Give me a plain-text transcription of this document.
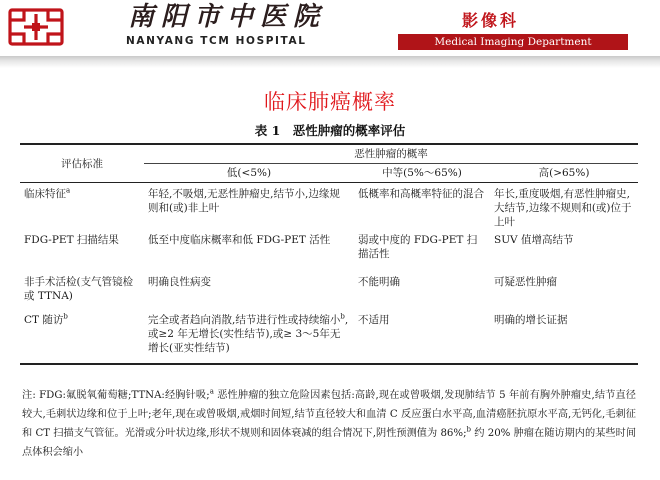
南阳市中医院
NANYANG TCM HOSPITAL
影像科
Medical Imaging Department
临床肺癌概率
表 1　恶性肿瘤的概率评估
评估标准	恶性肿瘤的概率		
	低(<5%)	中等(5%～65%)	高(>65%)
临床特征$^a$	年轻,不吸烟,无恶性肿瘤史,结节小,边缘规则和(或)非上叶	低概率和高概率特征的混合	年长,重度吸烟,有恶性肿瘤史,大结节,边缘不规则和(或)位于上叶
FDG-PET 扫描结果	低至中度临床概率和低 FDG-PET 活性	弱或中度的 FDG-PET 扫描活性	SUV 值增高结节
非手术活检(支气管镜检或 TTNA)	明确良性病变	不能明确	可疑恶性肿瘤
CT 随访$^b$	完全或者趋向消散,结节进行性或持续缩小$^b$,或≥2 年无增长(实性结节),或≥ 3～5年无增长(亚实性结节)	不适用	明确的增长证据
注: FDG:氟脱氧葡萄糖;TTNA:经胸针吸;$^a$ 恶性肿瘤的独立危险因素包括:高龄,现在或曾吸烟,发现肺结节 5 年前有胸外肿瘤史,结节直径较大,毛刺状边缘和位于上叶;老年,现在或曾吸烟,戒烟时间短,结节直径较大和血清 C 反应蛋白水平高,血清癌胚抗原水平高,无钙化,毛刺征和 CT 扫描支气管征。光滑或分叶状边缘,形状不规则和固体衰减的组合情况下,阴性预测值为 86%;$^b$ 约 20% 肿瘤在随访期内的某些时间点体积会缩小
